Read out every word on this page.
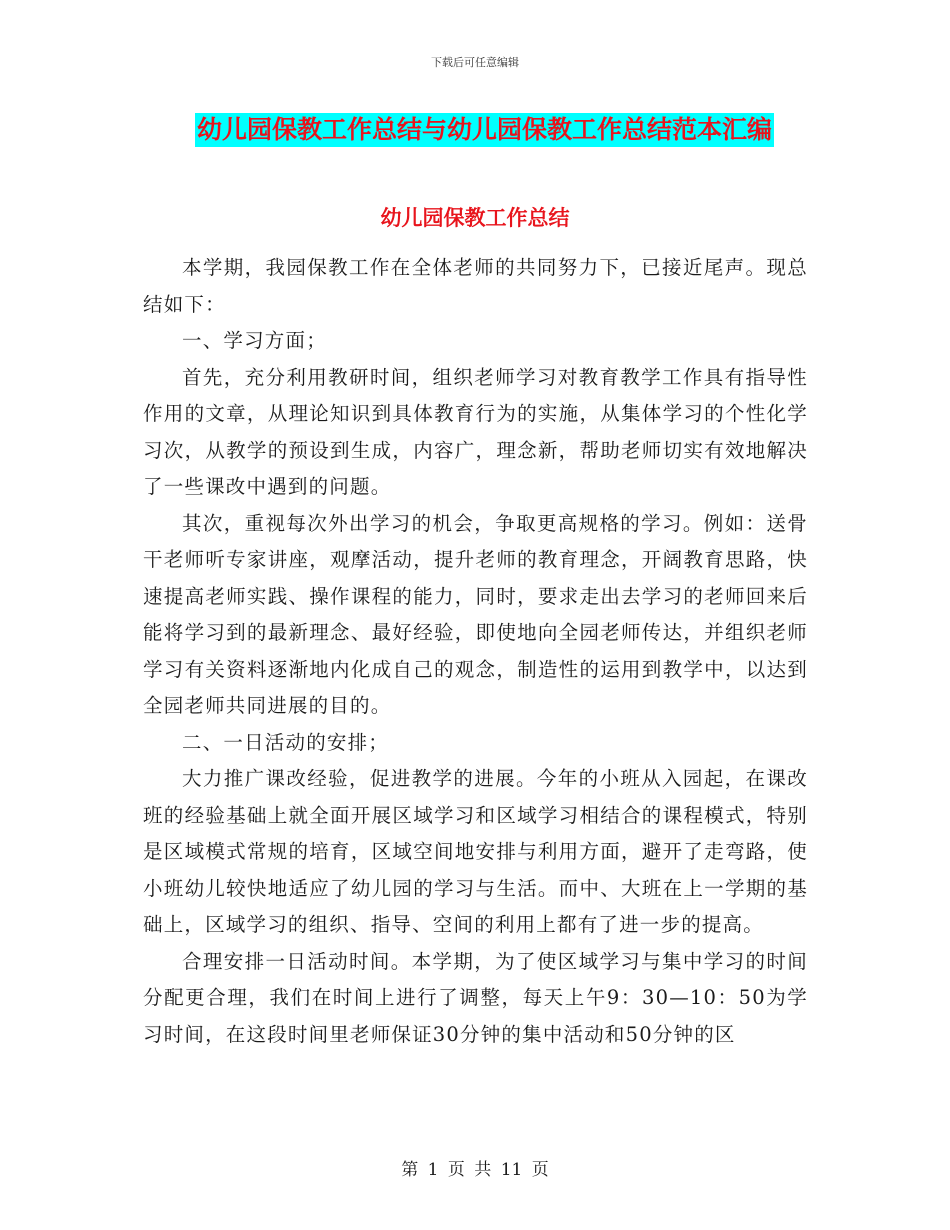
下载后可任意编辑
幼儿园保教工作总结与幼儿园保教工作总结范本汇编
幼儿园保教工作总结

本学期，我园保教工作在全体老师的共同努力下，已接近尾声。现总结如下：

一、学习方面；

首先，充分利用教研时间，组织老师学习对教育教学工作具有指导性作用的文章，从理论知识到具体教育行为的实施，从集体学习的个性化学习次，从教学的预设到生成，内容广，理念新，帮助老师切实有效地解决了一些课改中遇到的问题。

其次，重视每次外出学习的机会，争取更高规格的学习。例如：送骨干老师听专家讲座，观摩活动，提升老师的教育理念，开阔教育思路，快速提高老师实践、操作课程的能力，同时，要求走出去学习的老师回来后能将学习到的最新理念、最好经验，即使地向全园老师传达，并组织老师学习有关资料逐渐地内化成自己的观念，制造性的运用到教学中，以达到全园老师共同进展的目的。

二、一日活动的安排；

大力推广课改经验，促进教学的进展。今年的小班从入园起，在课改班的经验基础上就全面开展区域学习和区域学习相结合的课程模式，特别是区域模式常规的培育，区域空间地安排与利用方面，避开了走弯路，使小班幼儿较快地适应了幼儿园的学习与生活。而中、大班在上一学期的基础上，区域学习的组织、指导、空间的利用上都有了进一步的提高。

合理安排一日活动时间。本学期，为了使区域学习与集中学习的时间分配更合理，我们在时间上进行了调整，每天上午9：30—10：50为学习时间，在这段时间里老师保证30分钟的集中活动和50分钟的区

第 1 页 共 11 页
